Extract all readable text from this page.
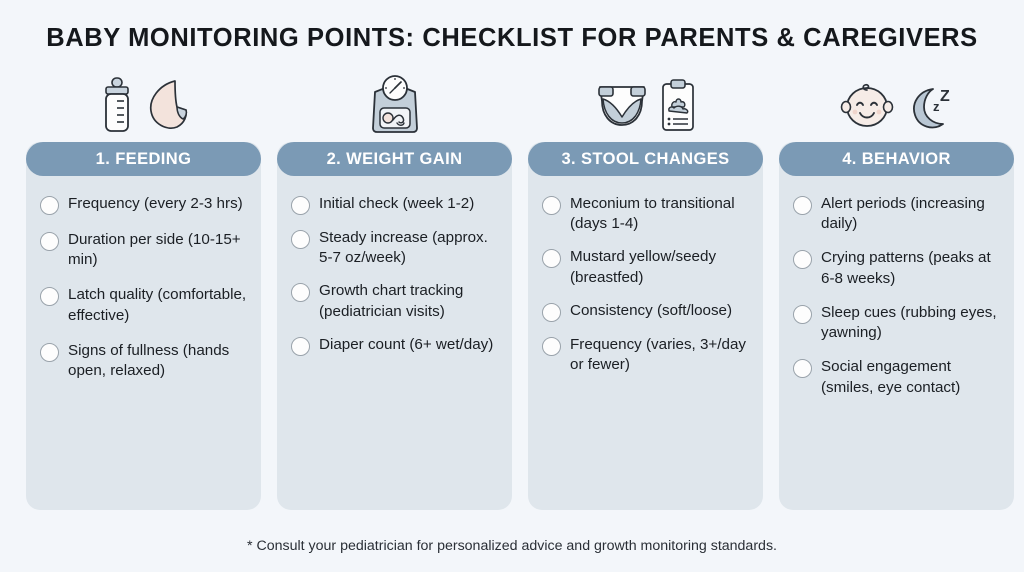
BABY MONITORING POINTS: CHECKLIST FOR PARENTS & CAREGIVERS
1. FEEDING
Frequency (every 2-3 hrs)
Duration per side (10-15+ min)
Latch quality (comfortable, effective)
Signs of fullness (hands open, relaxed)
2. WEIGHT GAIN
Initial check (week 1-2)
Steady increase (approx. 5-7 oz/week)
Growth chart tracking (pediatrician visits)
Diaper count (6+ wet/day)
3. STOOL CHANGES
Meconium to transitional (days 1-4)
Mustard yellow/seedy (breastfed)
Consistency (soft/loose)
Frequency (varies, 3+/day or fewer)
z
Z
4. BEHAVIOR
Alert periods (increasing daily)
Crying patterns (peaks at 6-8 weeks)
Sleep cues (rubbing eyes, yawning)
Social engagement (smiles, eye contact)
* Consult your pediatrician for personalized advice and growth monitoring standards.
